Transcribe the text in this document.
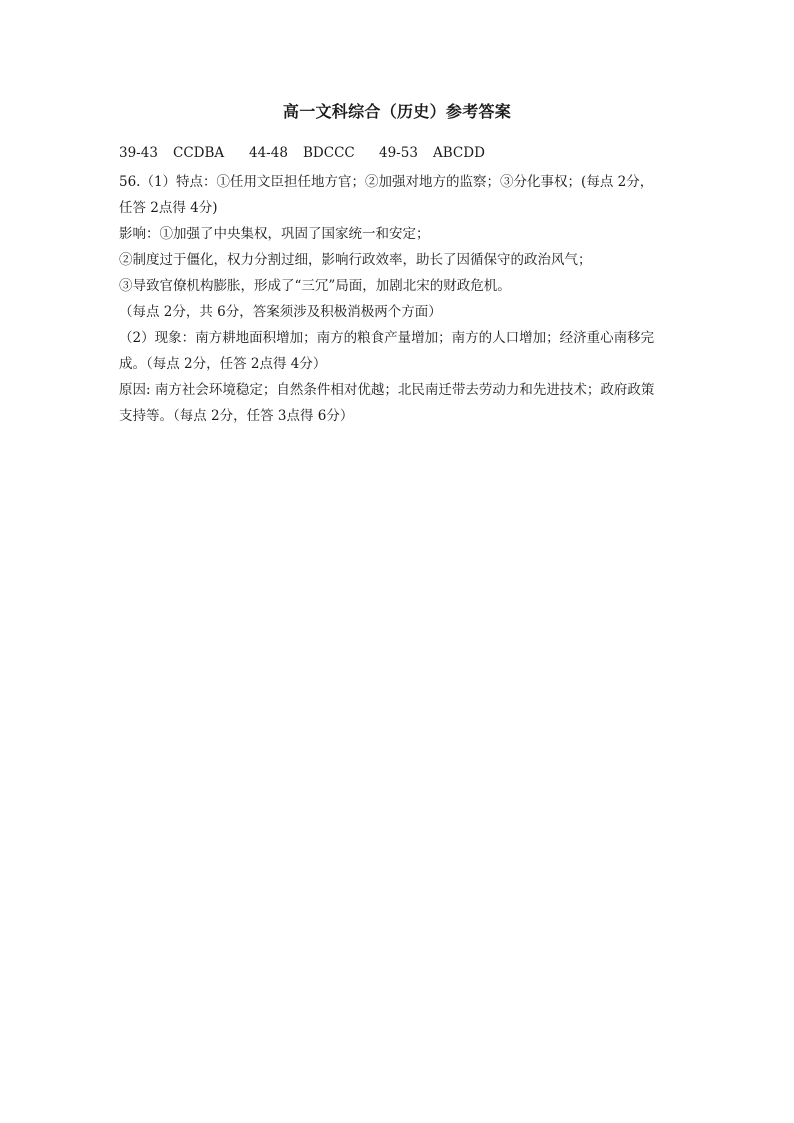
高一文科综合（历史）参考答案
39-43 CCDBA 44-48 BDCCC 49-53 ABCDD
56.（1）特点：①任用文臣担任地方官；②加强对地方的监察；③分化事权；(每点 2分，
任答 2点得 4分)
影响：①加强了中央集权，巩固了国家统一和安定；
②制度过于僵化，权力分割过细，影响行政效率，助长了因循保守的政治风气；
③导致官僚机构膨胀，形成了“三冗”局面，加剧北宋的财政危机。
（每点 2分，共 6分，答案须涉及积极消极两个方面）
（2）现象：南方耕地面积增加；南方的粮食产量增加；南方的人口增加；经济重心南移完
成。（每点 2分，任答 2点得 4分）
原因: 南方社会环境稳定；自然条件相对优越；北民南迁带去劳动力和先进技术；政府政策
支持等。（每点 2分，任答 3点得 6分）
